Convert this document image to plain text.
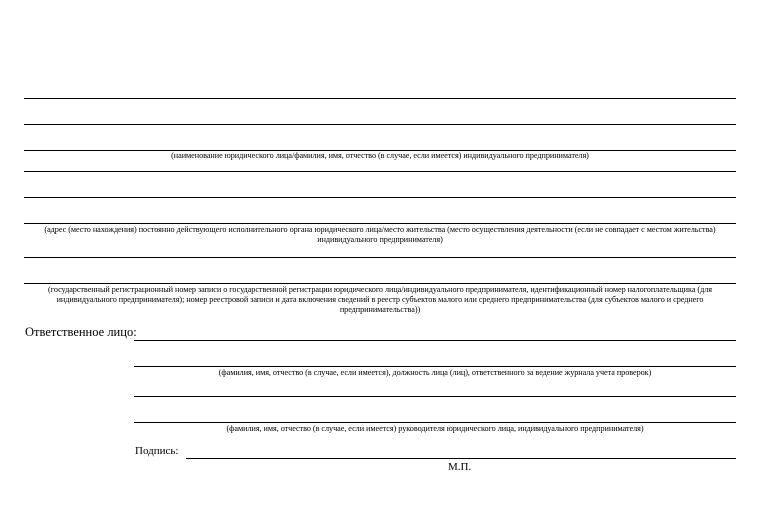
(наименование юридического лица/фамилия, имя, отчество (в случае, если имеется) индивидуального предпринимателя)
(адрес (место нахождения) постоянно действующего исполнительного органа юридического лица/место жительства (место осуществления деятельности (если не совпадает с местом жительства) индивидуального предпринимателя)
(государственный регистрационный номер записи о государственной регистрации юридического лица/индивидуального предпринимателя, идентификационный номер налогоплательщика (для индивидуального предпринимателя); номер реестровой записи и дата включения сведений в реестр субъектов малого или среднего предпринимательства (для субъектов малого и среднего предпринимательства))
Ответственное лицо:
(фамилия, имя, отчество (в случае, если имеется), должность лица (лиц), ответственного за ведение журнала учета проверок)
(фамилия, имя, отчество (в случае, если имеется) руководителя юридического лица, индивидуального предпринимателя)
Подпись:
М.П.
